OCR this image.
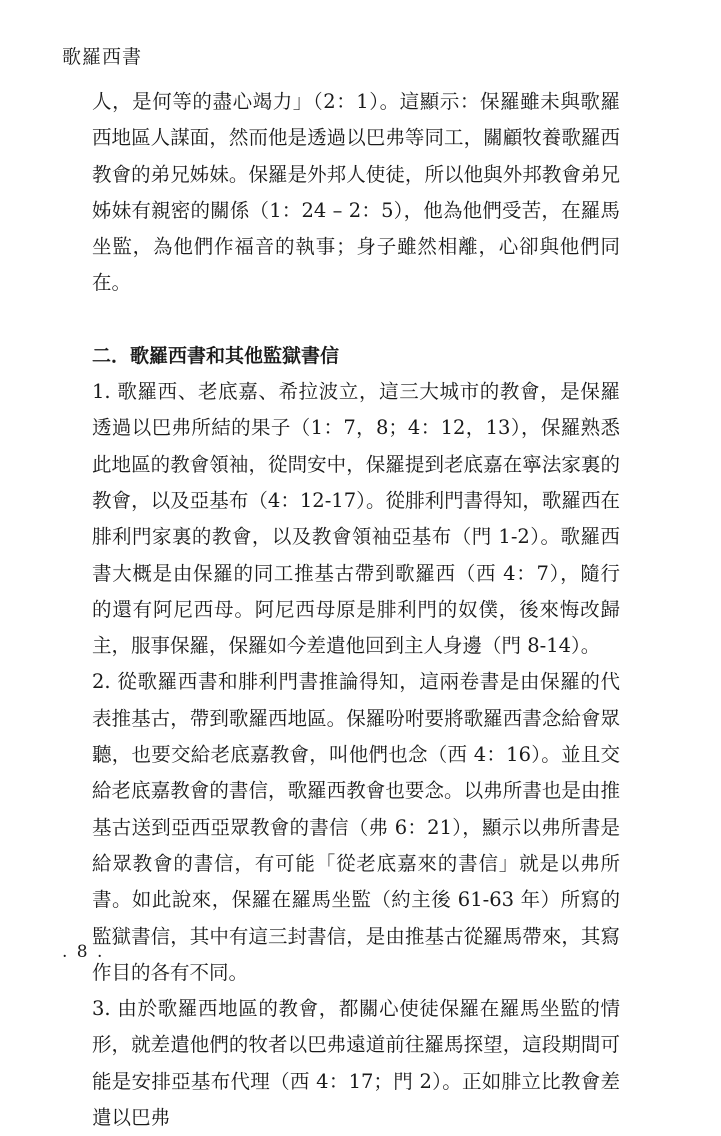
歌羅西書

人，是何等的盡心竭力」（2：1）。這顯示：保羅雖未與歌羅西地區人謀面，然而他是透過以巴弗等同工，關顧牧養歌羅西教會的弟兄姊妹。保羅是外邦人使徒，所以他與外邦教會弟兄姊妹有親密的關係（1：24 – 2：5），他為他們受苦，在羅馬坐監，為他們作福音的執事；身子雖然相離，心卻與他們同在。

二．歌羅西書和其他監獄書信

1. 歌羅西、老底嘉、希拉波立，這三大城市的教會，是保羅透過以巴弗所結的果子（1：7，8；4：12，13），保羅熟悉此地區的教會領袖，從問安中，保羅提到老底嘉在寧法家裏的教會，以及亞基布（4：12-17）。從腓利門書得知，歌羅西在腓利門家裏的教會，以及教會領袖亞基布（門 1-2）。歌羅西書大概是由保羅的同工推基古帶到歌羅西（西 4：7），隨行的還有阿尼西母。阿尼西母原是腓利門的奴僕，後來悔改歸主，服事保羅，保羅如今差遣他回到主人身邊（門 8-14）。

2. 從歌羅西書和腓利門書推論得知，這兩卷書是由保羅的代表推基古，帶到歌羅西地區。保羅吩咐要將歌羅西書念給會眾聽，也要交給老底嘉教會，叫他們也念（西 4：16）。並且交給老底嘉教會的書信，歌羅西教會也要念。以弗所書也是由推基古送到亞西亞眾教會的書信（弗 6：21），顯示以弗所書是給眾教會的書信，有可能「從老底嘉來的書信」就是以弗所書。如此說來，保羅在羅馬坐監（約主後 61-63 年）所寫的監獄書信，其中有這三封書信，是由推基古從羅馬帶來，其寫作目的各有不同。

3. 由於歌羅西地區的教會，都關心使徒保羅在羅馬坐監的情形，就差遣他們的牧者以巴弗遠道前往羅馬探望，這段期間可能是安排亞基布代理（西 4：17；門 2）。正如腓立比教會差遣以巴弗

. 8 .
